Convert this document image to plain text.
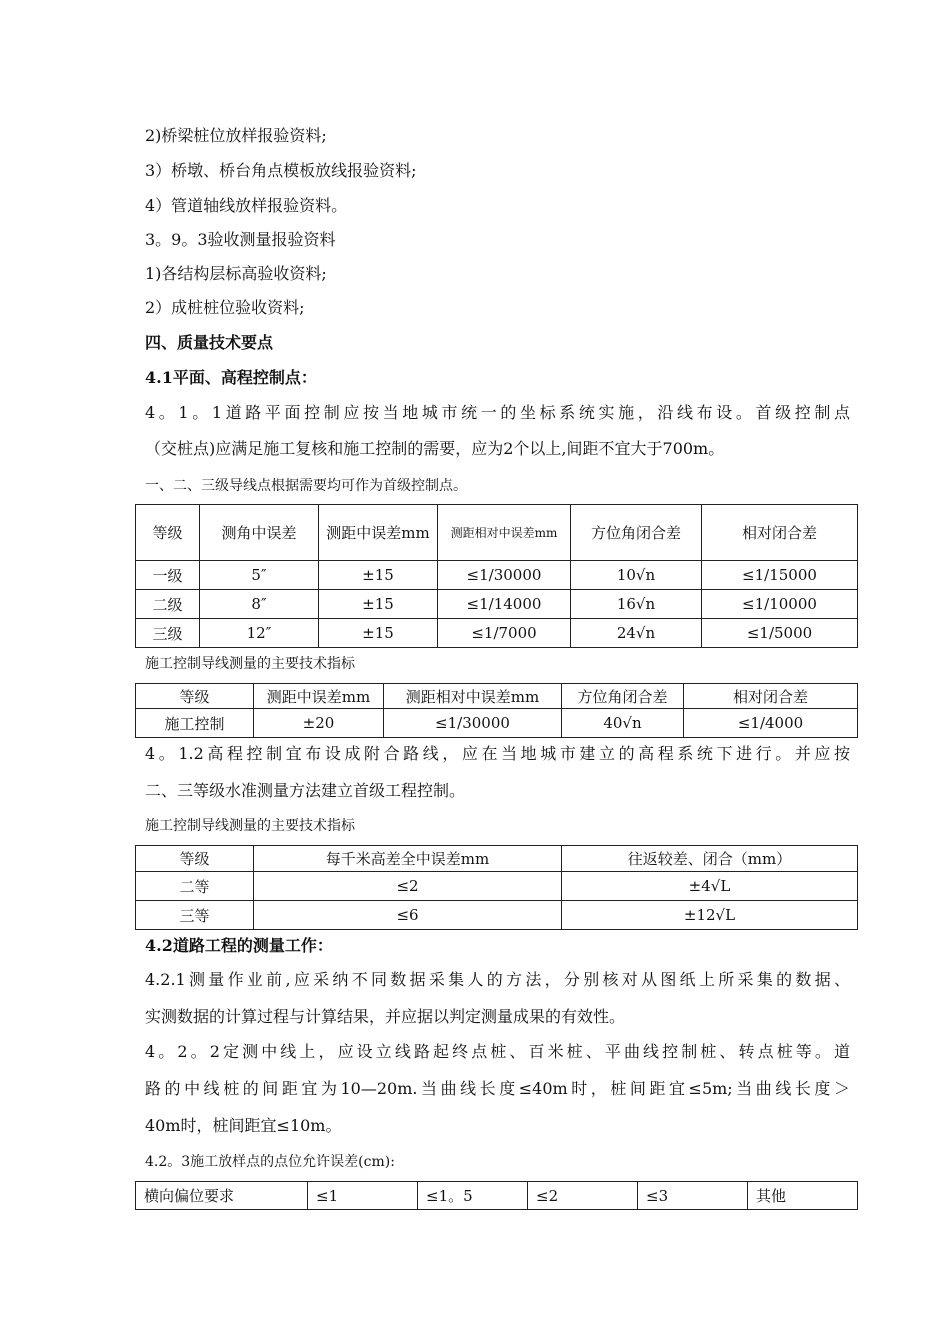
2)桥梁桩位放样报验资料;
3）桥墩、桥台角点模板放线报验资料;
4）管道轴线放样报验资料。
3。9。3验收测量报验资料
1)各结构层标高验收资料;
2）成桩桩位验收资料;
四、质量技术要点
4.1平面、高程控制点：
4。1。1道路平面控制应按当地城市统一的坐标系统实施，沿线布设。首级控制点
（交桩点)应满足施工复核和施工控制的需要，应为2个以上,间距不宜大于700m。
一、二、三级导线点根据需要均可作为首级控制点。
等级	测角中误差	测距中误差mm	测距相对中误差mm	方位角闭合差	相对闭合差
一级	5″	±15	≤1/30000	10√n	≤1/15000
二级	8″	±15	≤1/14000	16√n	≤1/10000
三级	12″	±15	≤1/7000	24√n	≤1/5000
施工控制导线测量的主要技术指标
等级	测距中误差mm	测距相对中误差mm	方位角闭合差	相对闭合差
施工控制	±20	≤1/30000	40√n	≤1/4000
4。1.2高程控制宜布设成附合路线，应在当地城市建立的高程系统下进行。并应按
二、三等级水准测量方法建立首级工程控制。
施工控制导线测量的主要技术指标
等级	每千米高差全中误差mm	往返较差、闭合（mm）
二等	≤2	±4√L
三等	≤6	±12√L
4.2道路工程的测量工作：
4.2.1测量作业前,应采纳不同数据采集人的方法，分别核对从图纸上所采集的数据、
实测数据的计算过程与计算结果，并应据以判定测量成果的有效性。
4。2。2定测中线上，应设立线路起终点桩、百米桩、平曲线控制桩、转点桩等。道
路的中线桩的间距宜为10—20m.当曲线长度≤40m时，桩间距宜≤5m;当曲线长度＞
40m时，桩间距宜≤10m。
4.2。3施工放样点的点位允许误差(cm):
横向偏位要求	≤1	≤1。5	≤2	≤3	其他
